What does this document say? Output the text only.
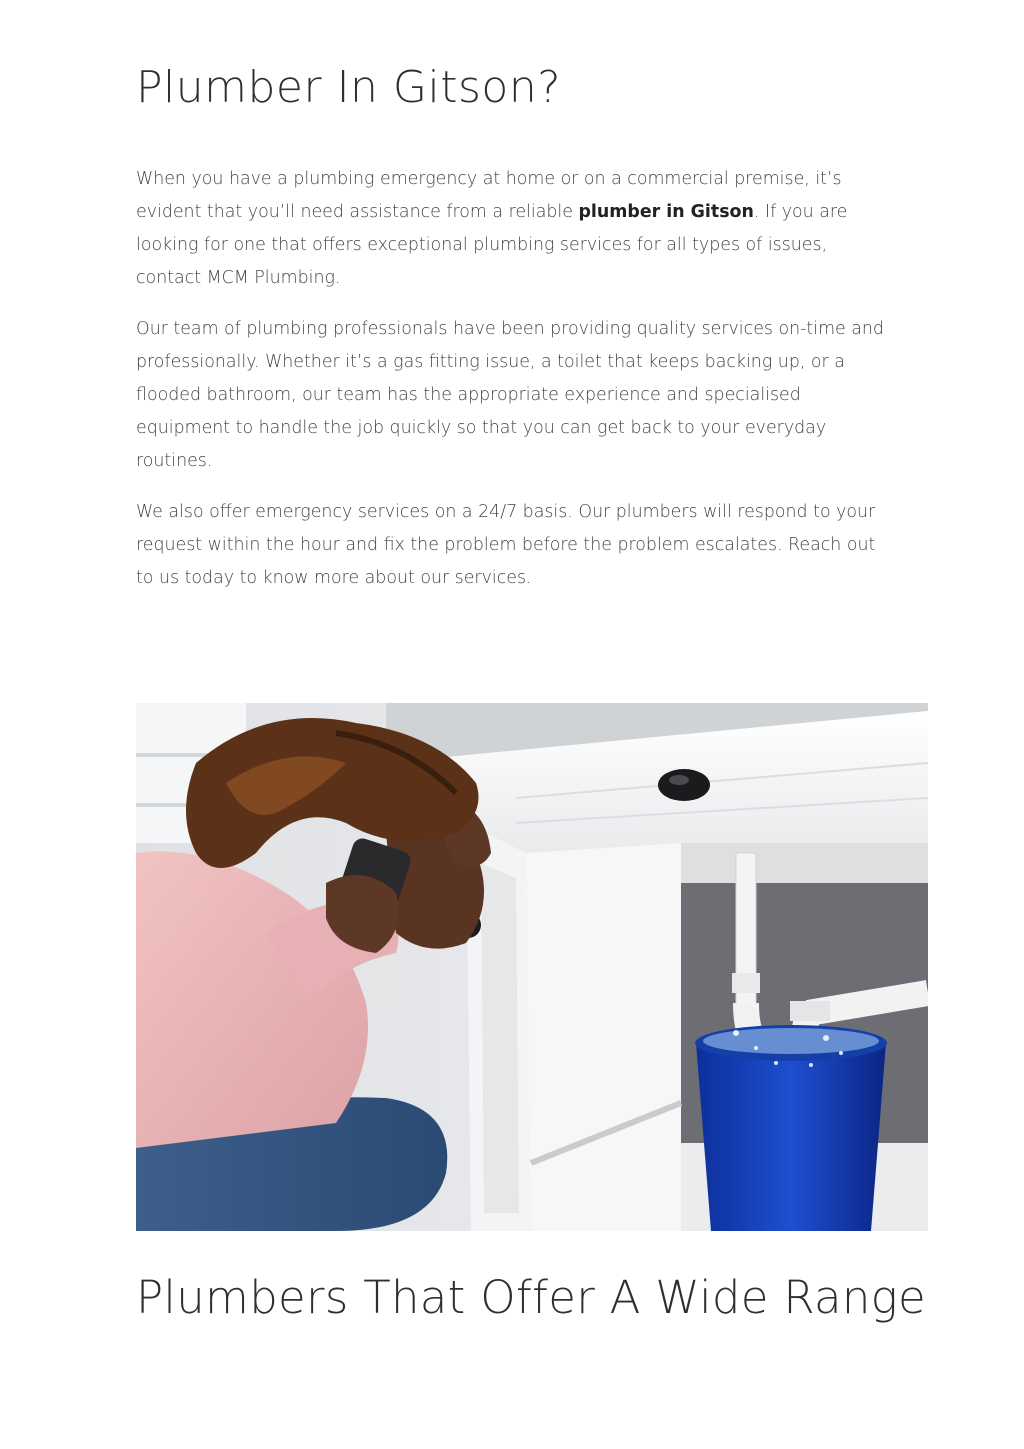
Plumber In Gitson?

When you have a plumbing emergency at home or on a commercial premise, it’s
evident that you’ll need assistance from a reliable plumber in Gitson. If you are
looking for one that offers exceptional plumbing services for all types of issues,
contact MCM Plumbing.

Our team of plumbing professionals have been providing quality services on-time and
professionally. Whether it’s a gas fitting issue, a toilet that keeps backing up, or a
flooded bathroom, our team has the appropriate experience and specialised
equipment to handle the job quickly so that you can get back to your everyday
routines.

We also offer emergency services on a 24/7 basis. Our plumbers will respond to your
request within the hour and fix the problem before the problem escalates. Reach out
to us today to know more about our services.

Plumbers That Offer A Wide Range
